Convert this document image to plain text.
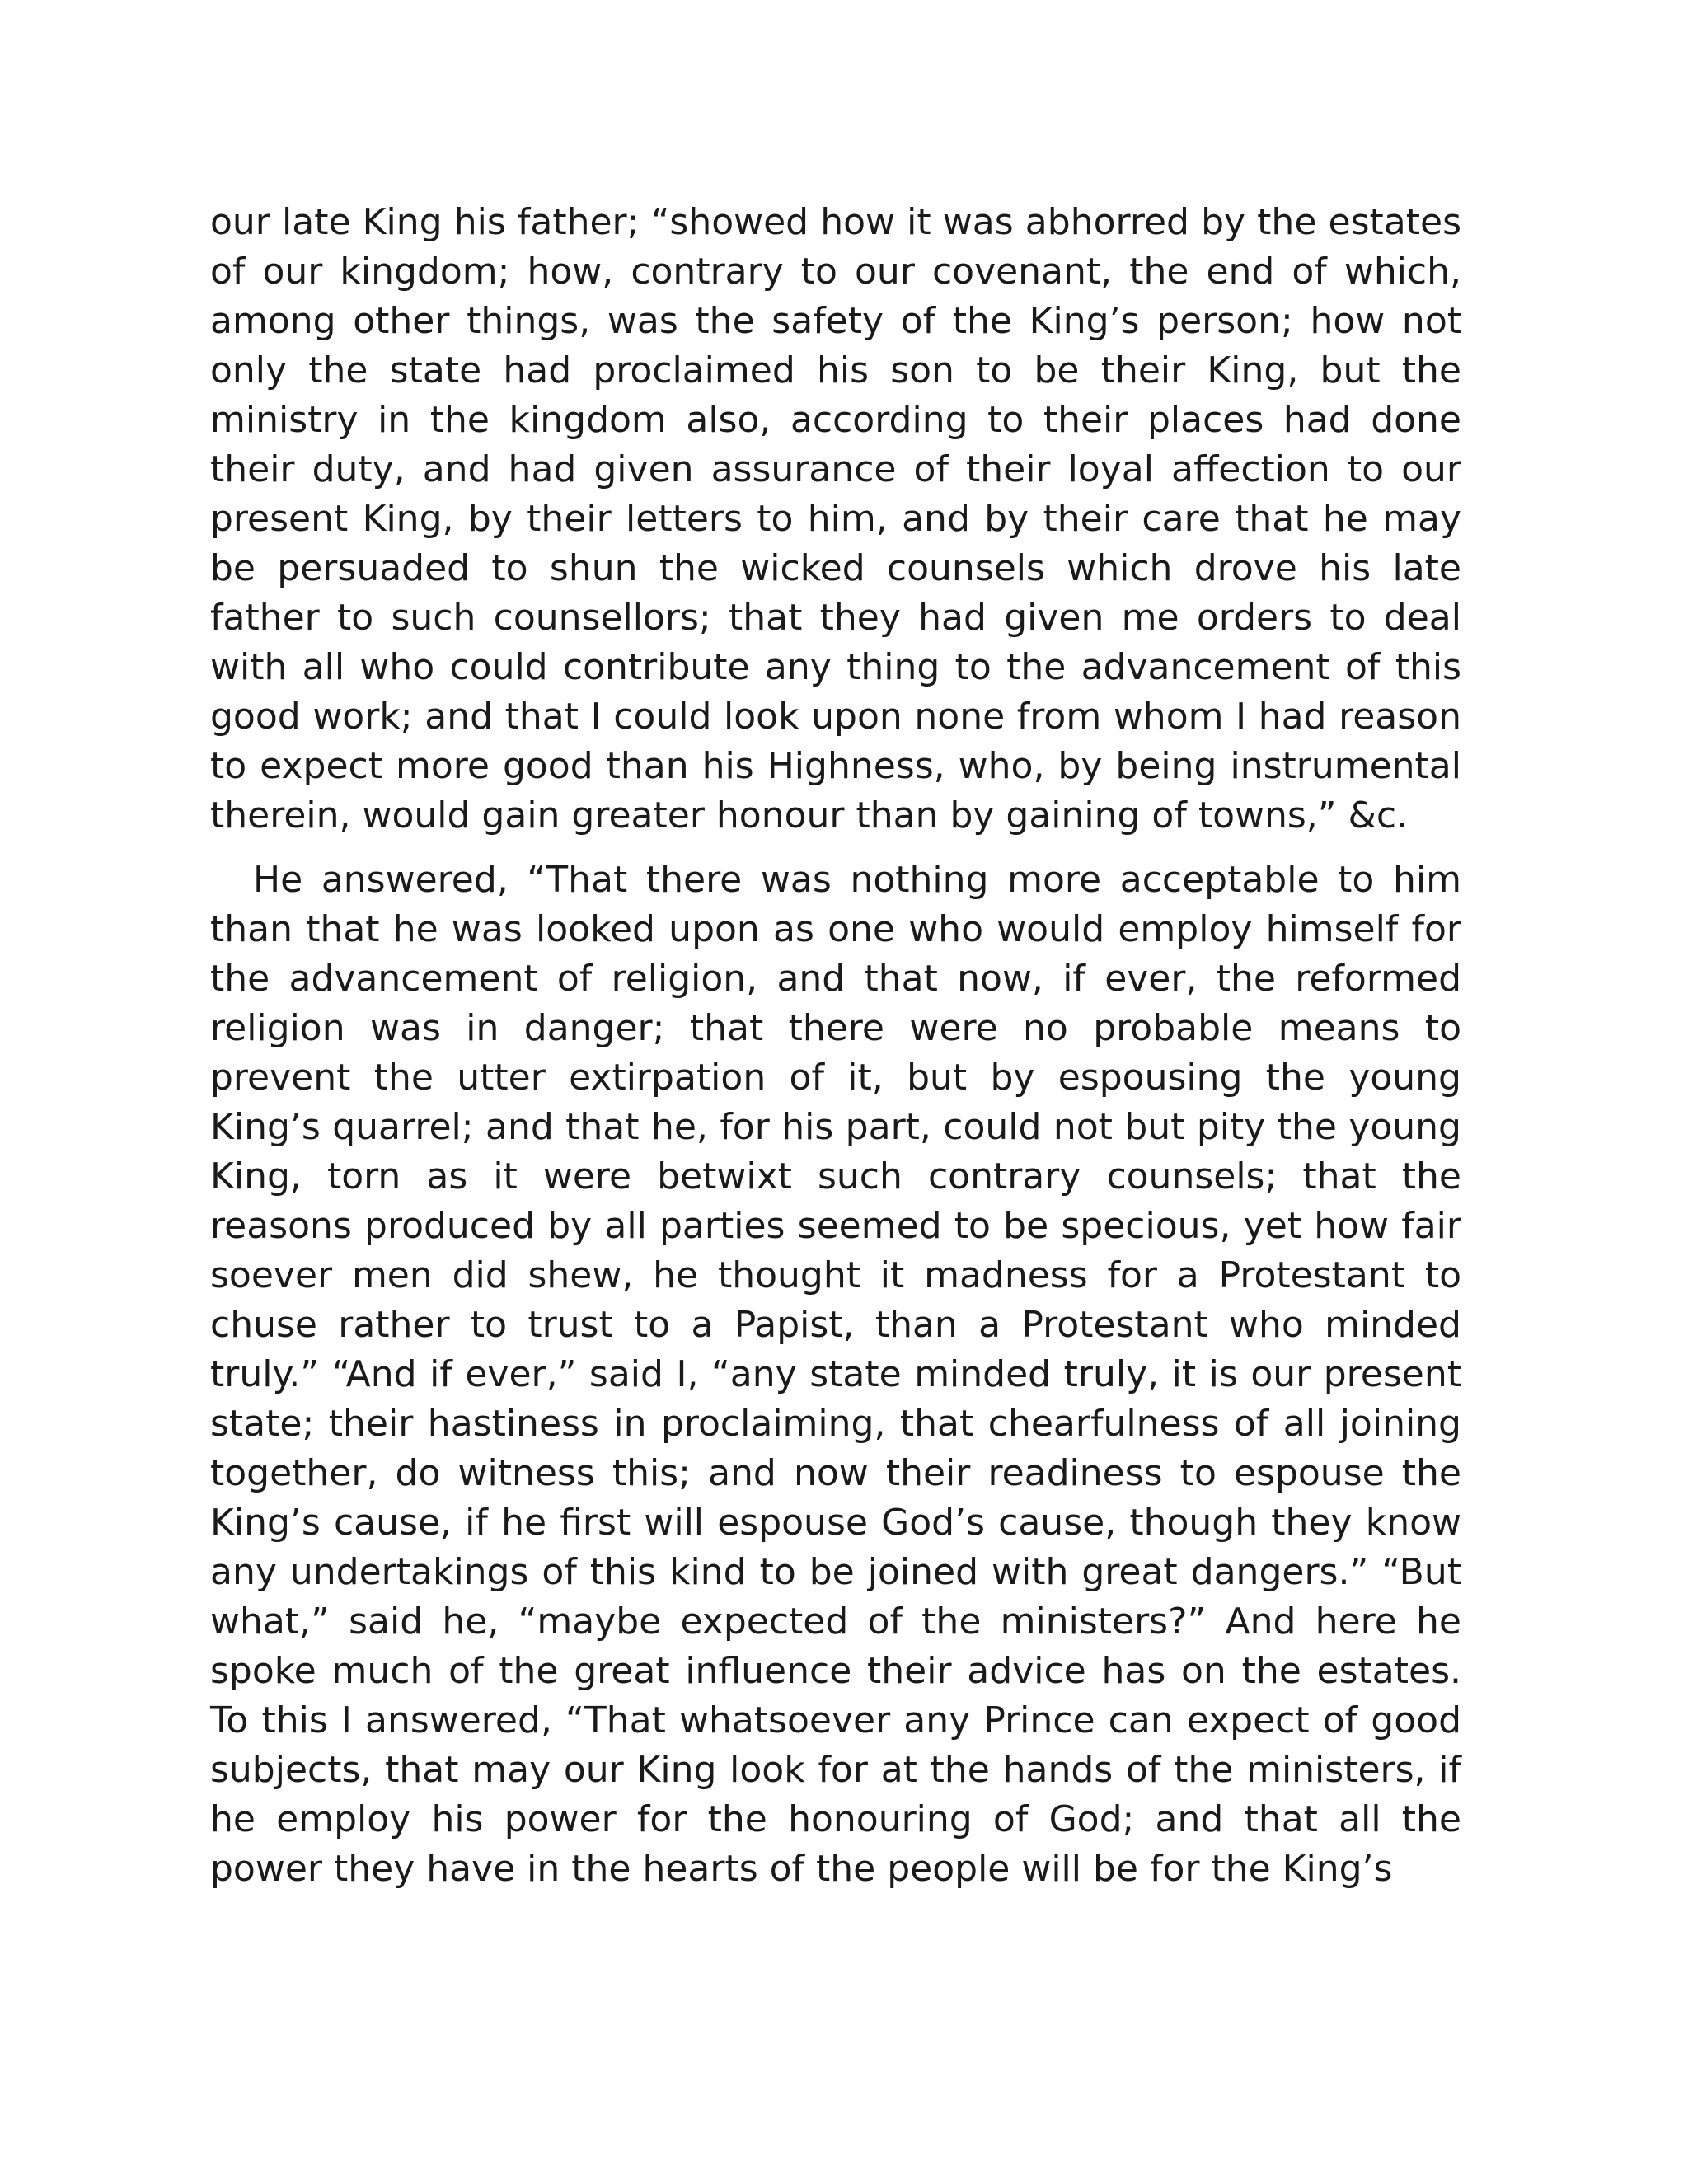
our late King his father; “showed how it was abhorred by the estates of our kingdom; how, contrary to our covenant, the end of which, among other things, was the safety of the King’s person; how not only the state had proclaimed his son to be their King, but the ministry in the kingdom also, according to their places had done their duty, and had given assurance of their loyal affection to our present King, by their letters to him, and by their care that he may be persuaded to shun the wicked counsels which drove his late father to such counsellors; that they had given me orders to deal with all who could contribute any thing to the advancement of this good work; and that I could look upon none from whom I had reason to expect more good than his Highness, who, by being instrumental therein, would gain greater honour than by gaining of towns,” &c.

He answered, “That there was nothing more acceptable to him than that he was looked upon as one who would employ himself for the advancement of religion, and that now, if ever, the reformed religion was in danger; that there were no probable means to prevent the utter extirpation of it, but by espousing the young King’s quarrel; and that he, for his part, could not but pity the young King, torn as it were betwixt such contrary counsels; that the reasons produced by all parties seemed to be specious, yet how fair soever men did shew, he thought it madness for a Protestant to chuse rather to trust to a Papist, than a Protestant who minded truly.” “And if ever,” said I, “any state minded truly, it is our present state; their hastiness in proclaiming, that chearfulness of all joining together, do witness this; and now their readiness to espouse the King’s cause, if he first will espouse God’s cause, though they know any undertakings of this kind to be joined with great dangers.” “But what,” said he, “maybe expected of the ministers?” And here he spoke much of the great influence their advice has on the estates. To this I answered, “That whatsoever any Prince can expect of good subjects, that may our King look for at the hands of the ministers, if he employ his power for the honouring of God; and that all the power they have in the hearts of the people will be for the King’s
